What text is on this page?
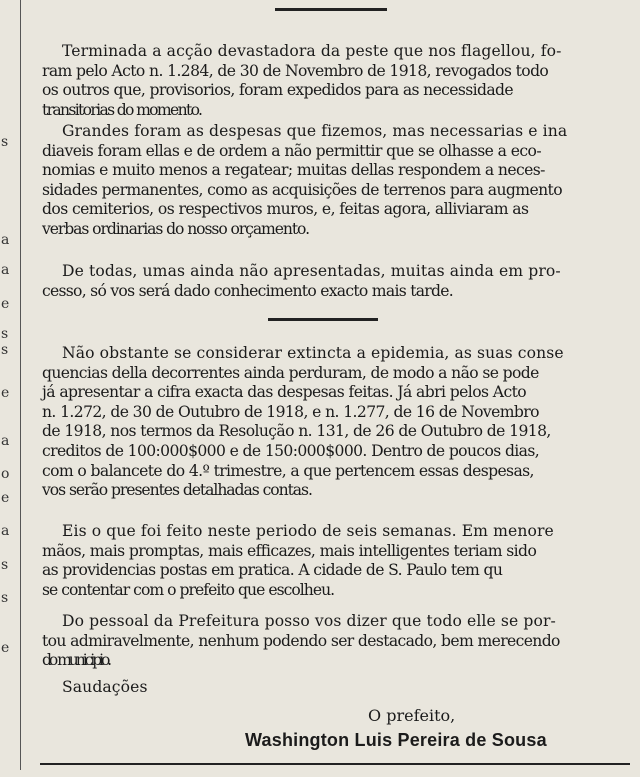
s
a
e
s
a
e
s
a
o
e
a
s
s
e

Terminada a acção devastadora da peste que nos flagellou, fo-
ram pelo Acto n. 1.284, de 30 de Novembro de 1918, revogados todo
os outros que, provisorios, foram expedidos para as necessidade
transitorias do momento.

Grandes foram as despesas que fizemos, mas necessarias e ina
diaveis foram ellas e de ordem a não permittir que se olhasse a eco-
nomias e muito menos a regatear; muitas dellas respondem a neces-
sidades permanentes, como as acquisições de terrenos para augmento
dos cemiterios, os respectivos muros, e, feitas agora, alliviaram as
verbas ordinarias do nosso orçamento.

De todas, umas ainda não apresentadas, muitas ainda em pro-
cesso, só vos será dado conhecimento exacto mais tarde.

Não obstante se considerar extincta a epidemia, as suas conse
quencias della decorrentes ainda perduram, de modo a não se pode
já apresentar a cifra exacta das despesas feitas. Já abri pelos Acto
n. 1.272, de 30 de Outubro de 1918, e n. 1.277, de 16 de Novembro
de 1918, nos termos da Resolução n. 131, de 26 de Outubro de 1918,
creditos de 100:000$000 e de 150:000$000. Dentro de poucos dias,
com o balancete do 4.º trimestre, a que pertencem essas despesas,
vos serão presentes detalhadas contas.

Eis o que foi feito neste periodo de seis semanas. Em menore
mãos, mais promptas, mais efficazes, mais intelligentes teriam sido
as providencias postas em pratica. A cidade de S. Paulo tem qu
se contentar com o prefeito que escolheu.

Do pessoal da Prefeitura posso vos dizer que todo elle se por-
tou admiravelmente, nenhum podendo ser destacado, bem merecendo
do municipio.

Saudações
O prefeito,
Washington Luis Pereira de Sousa
